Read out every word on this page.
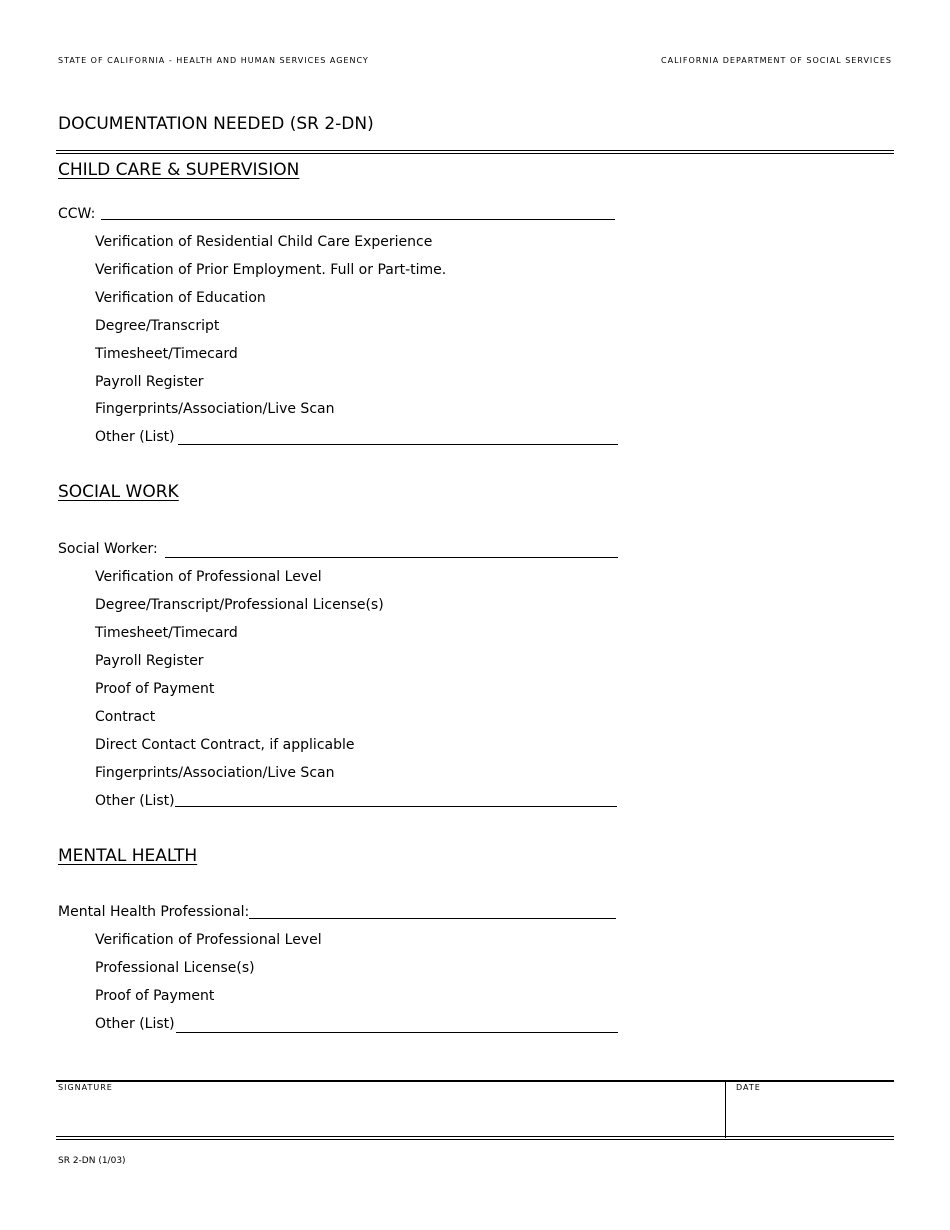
STATE OF CALIFORNIA - HEALTH AND HUMAN SERVICES AGENCY	CALIFORNIA DEPARTMENT OF SOCIAL SERVICES
DOCUMENTATION NEEDED (SR 2-DN)
CHILD CARE & SUPERVISION
CCW:
Verification of Residential Child Care Experience
Verification of Prior Employment. Full or Part-time.
Verification of Education
Degree/Transcript
Timesheet/Timecard
Payroll Register
Fingerprints/Association/Live Scan
Other (List)
SOCIAL WORK
Social Worker:
Verification of Professional Level
Degree/Transcript/Professional License(s)
Timesheet/Timecard
Payroll Register
Proof of Payment
Contract
Direct Contact Contract, if applicable
Fingerprints/Association/Live Scan
Other (List)
MENTAL HEALTH
Mental Health Professional:
Verification of Professional Level
Professional License(s)
Proof of Payment
Other (List)
SIGNATURE	DATE
SR 2-DN (1/03)
